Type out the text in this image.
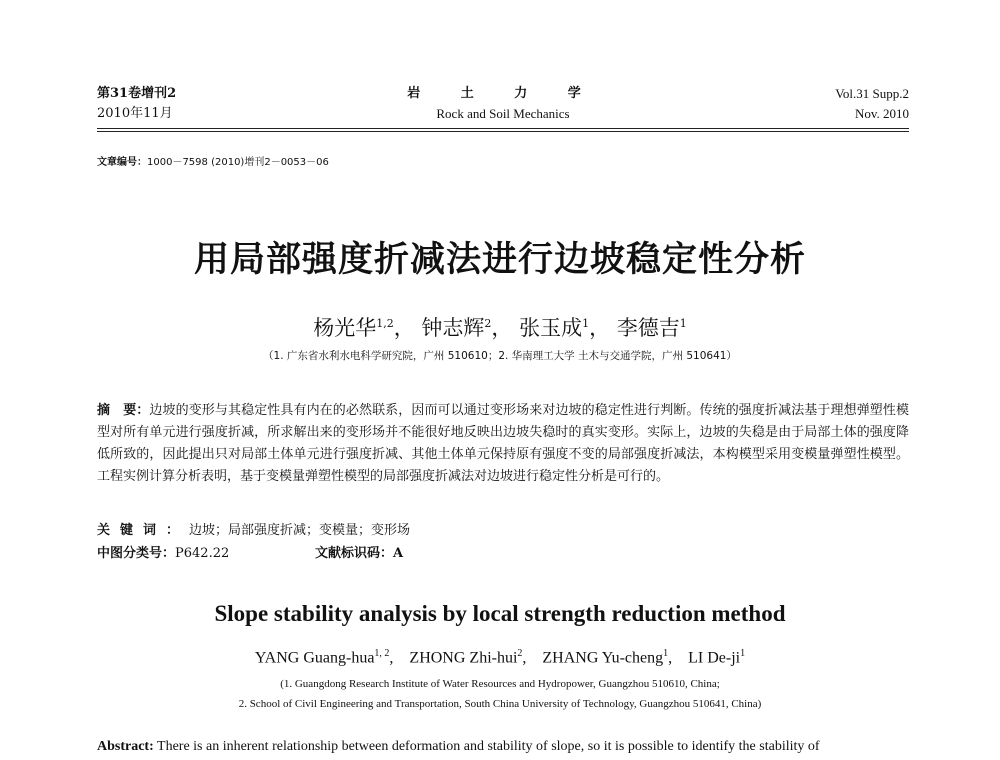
第31卷增刊2
2010年11月
岩 土 力 学
Rock and Soil Mechanics
Vol.31 Supp.2
Nov. 2010
文章编号：1000－7598 (2010)增刊2－0053－06
用局部强度折减法进行边坡稳定性分析
杨光华$^{1,2}$， 钟志辉$^2$， 张玉成$^1$， 李德吉$^1$
（1. 广东省水利水电科学研究院，广州 510610；2. 华南理工大学 土木与交通学院，广州 510641）
摘　要：边坡的变形与其稳定性具有内在的必然联系，因而可以通过变形场来对边坡的稳定性进行判断。传统的强度折减法基于理想弹塑性模型对所有单元进行强度折减，所求解出来的变形场并不能很好地反映出边坡失稳时的真实变形。实际上，边坡的失稳是由于局部土体的强度降低所致的，因此提出只对局部土体单元进行强度折减、其他土体单元保持原有强度不变的局部强度折减法，本构模型采用变模量弹塑性模型。工程实例计算分析表明，基于变模量弹塑性模型的局部强度折减法对边坡进行稳定性分析是可行的。
关键词：边坡；局部强度折减；变模量；变形场
中图分类号：P642.22	文献标识码：A
Slope stability analysis by local strength reduction method
YANG Guang-hua$^{1, 2}$,    ZHONG Zhi-hui$^2$,    ZHANG Yu-cheng$^1$,    LI $De-ji^1$
(1. Guangdong Research Institute of Water Resources and Hydropower, Guangzhou 510610, China;
2. School of Civil Engineering and Transportation, South China University of Technology, Guangzhou 510641, China)
Abstract: There is an inherent relationship between deformation and stability of slope, so it is possible to identify the stability of
